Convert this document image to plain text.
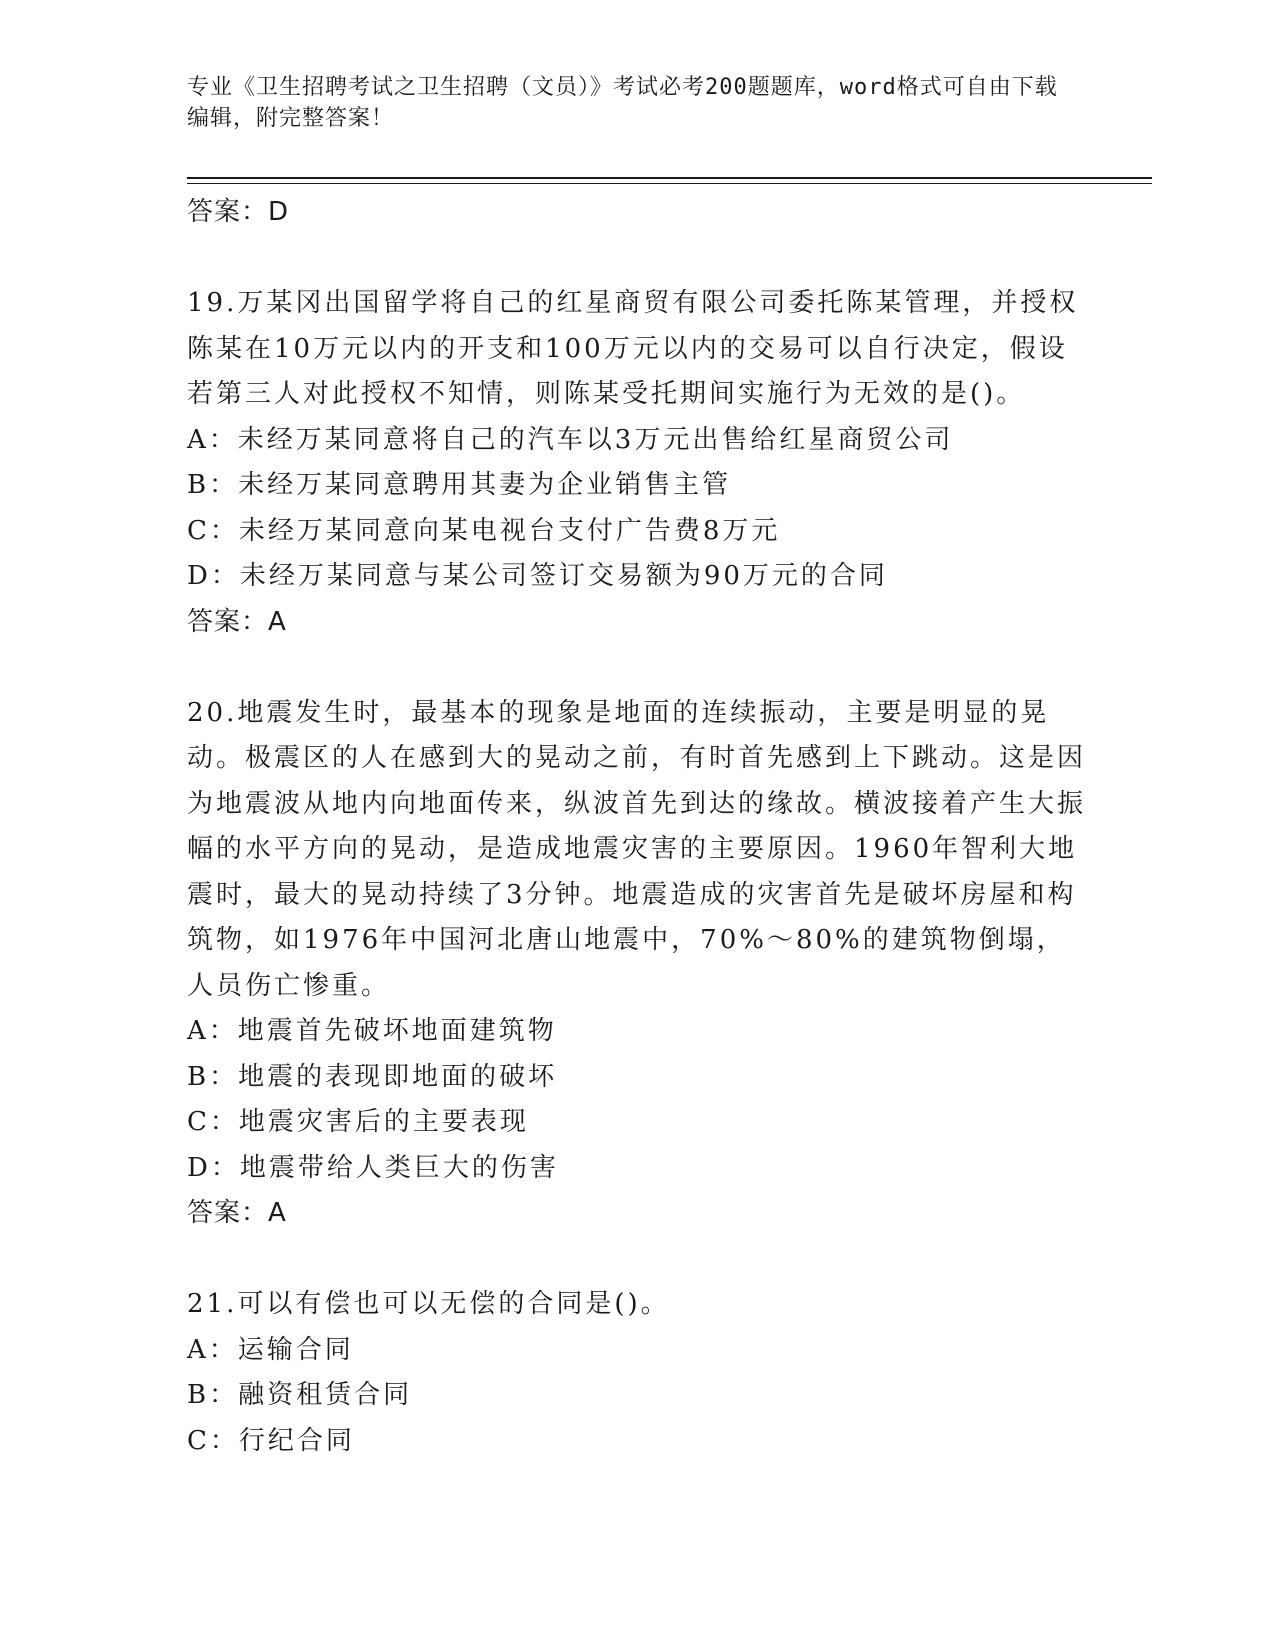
专业《卫生招聘考试之卫生招聘（文员）》考试必考200题题库，word格式可自由下载编辑，附完整答案！
答案：D
19.万某冈出国留学将自己的红星商贸有限公司委托陈某管理，并授权陈某在10万元以内的开支和100万元以内的交易可以自行决定，假设若第三人对此授权不知情，则陈某受托期间实施行为无效的是()。
A：未经万某同意将自己的汽车以3万元出售给红星商贸公司
B：未经万某同意聘用其妻为企业销售主管
C：未经万某同意向某电视台支付广告费8万元
D：未经万某同意与某公司签订交易额为90万元的合同
答案：A
20.地震发生时，最基本的现象是地面的连续振动，主要是明显的晃动。极震区的人在感到大的晃动之前，有时首先感到上下跳动。这是因为地震波从地内向地面传来，纵波首先到达的缘故。横波接着产生大振幅的水平方向的晃动，是造成地震灾害的主要原因。1960年智利大地震时，最大的晃动持续了3分钟。地震造成的灾害首先是破坏房屋和构筑物，如1976年中国河北唐山地震中，70%～80%的建筑物倒塌，人员伤亡惨重。
A：地震首先破坏地面建筑物
B：地震的表现即地面的破坏
C：地震灾害后的主要表现
D：地震带给人类巨大的伤害
答案：A
21.可以有偿也可以无偿的合同是()。
A：运输合同
B：融资租赁合同
C：行纪合同
